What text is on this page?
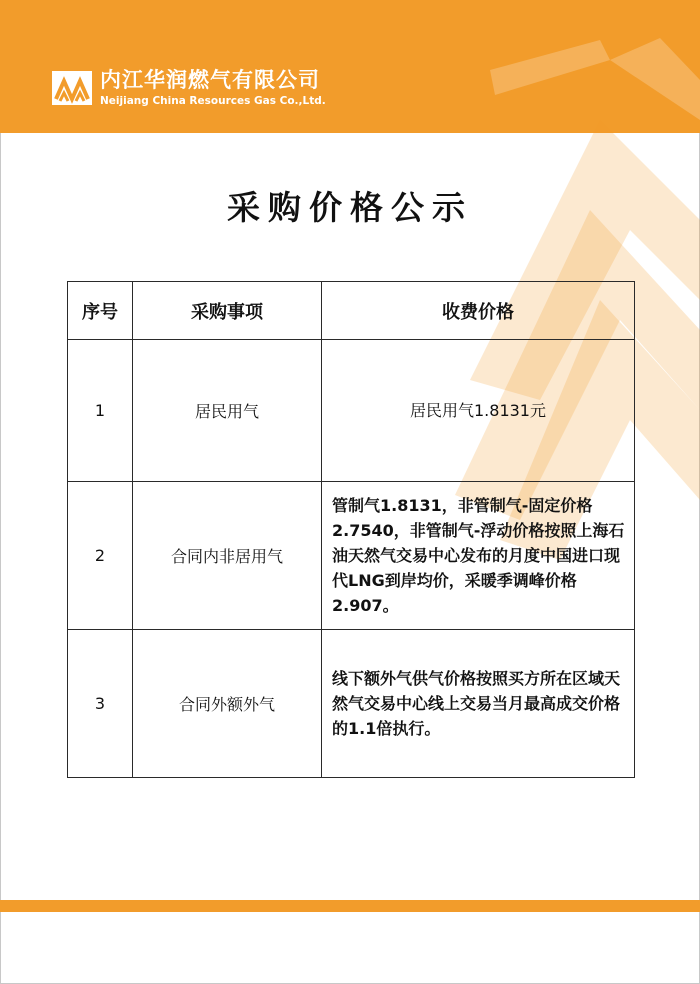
内江华润燃气有限公司
Neijiang China Resources Gas Co.,Ltd.
采购价格公示
序号	采购事项	收费价格
1	居民用气	居民用气1.8131元
2	合同内非居用气	管制气1.8131，非管制气-固定价格2.7540，非管制气-浮动价格按照上海石油天然气交易中心发布的月度中国进口现代LNG到岸均价，采暖季调峰价格2.907。
3	合同外额外气	线下额外气供气价格按照买方所在区域天然气交易中心线上交易当月最高成交价格的1.1倍执行。
